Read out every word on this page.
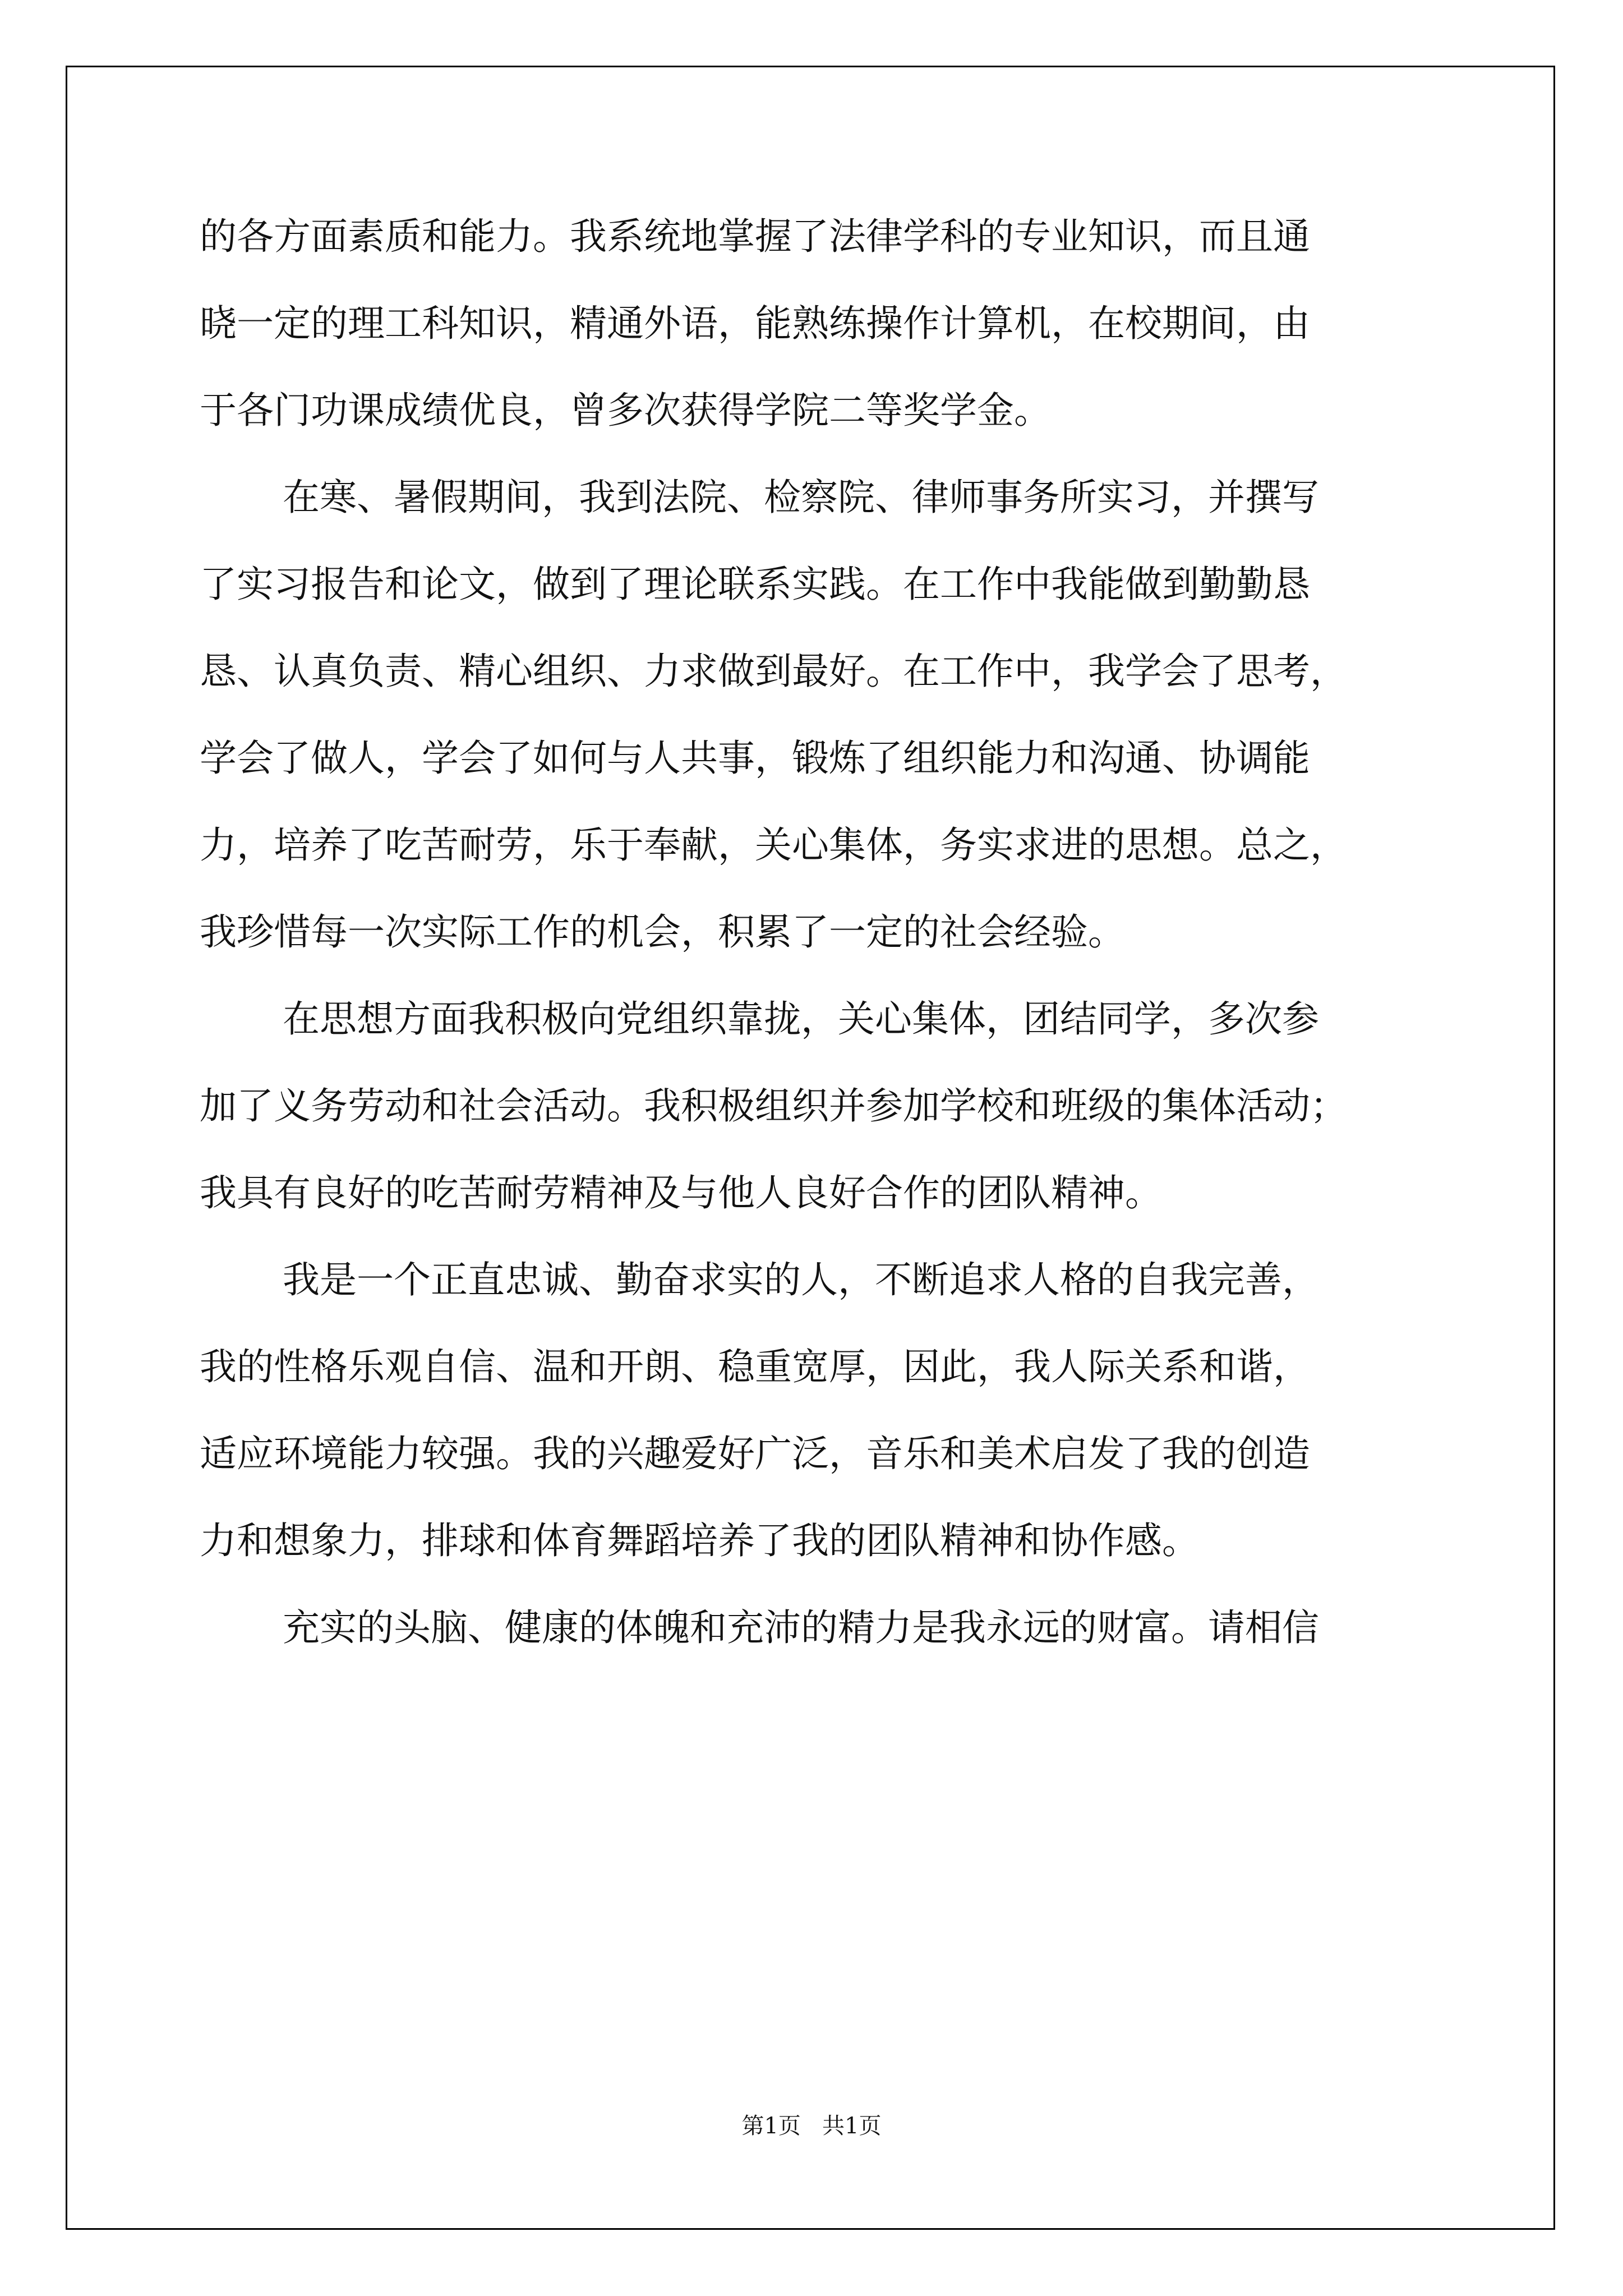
的各方面素质和能力。我系统地掌握了法律学科的专业知识，而且通
晓一定的理工科知识，精通外语，能熟练操作计算机，在校期间，由
于各门功课成绩优良，曾多次获得学院二等奖学金。
在寒、暑假期间，我到法院、检察院、律师事务所实习，并撰写
了实习报告和论文，做到了理论联系实践。在工作中我能做到勤勤恳
恳、认真负责、精心组织、力求做到最好。在工作中，我学会了思考，
学会了做人，学会了如何与人共事，锻炼了组织能力和沟通、协调能
力，培养了吃苦耐劳，乐于奉献，关心集体，务实求进的思想。总之，
我珍惜每一次实际工作的机会，积累了一定的社会经验。
在思想方面我积极向党组织靠拢，关心集体，团结同学，多次参
加了义务劳动和社会活动。我积极组织并参加学校和班级的集体活动；
我具有良好的吃苦耐劳精神及与他人良好合作的团队精神。
我是一个正直忠诚、勤奋求实的人，不断追求人格的自我完善，
我的性格乐观自信、温和开朗、稳重宽厚，因此，我人际关系和谐，
适应环境能力较强。我的兴趣爱好广泛，音乐和美术启发了我的创造
力和想象力，排球和体育舞蹈培养了我的团队精神和协作感。
充实的头脑、健康的体魄和充沛的精力是我永远的财富。请相信
第1页   共1页
